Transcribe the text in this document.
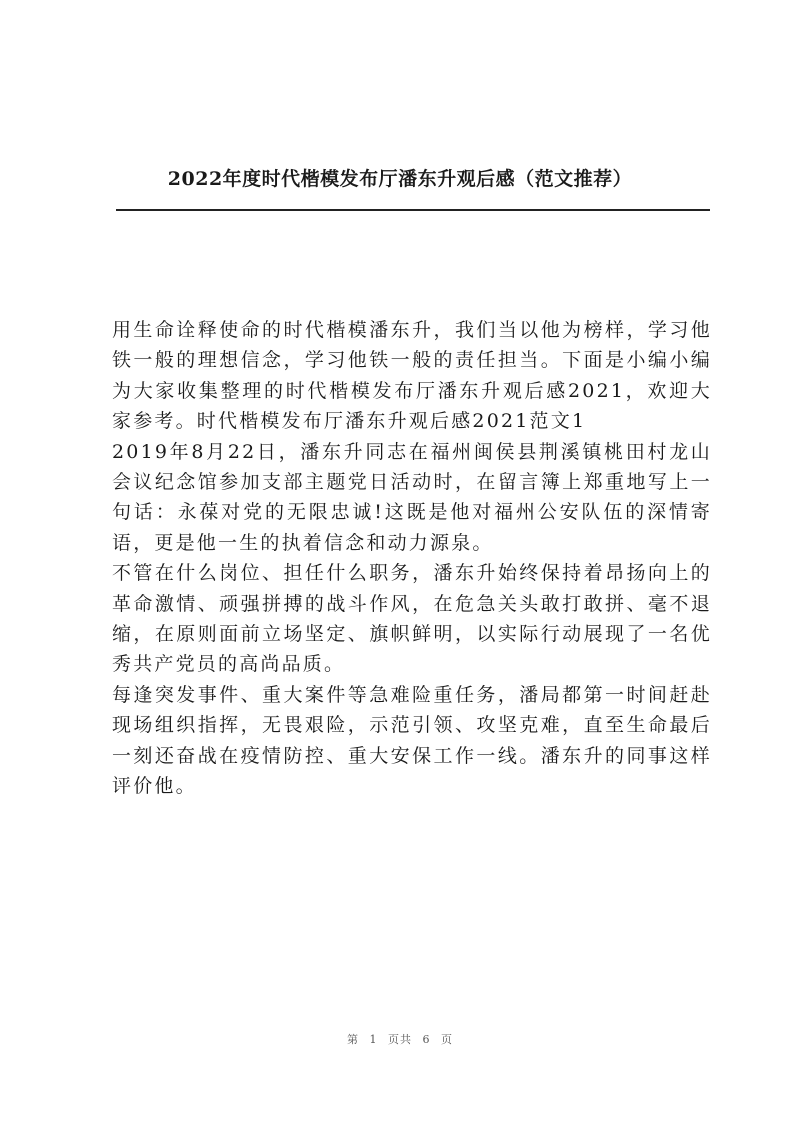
2022年度时代楷模发布厅潘东升观后感（范文推荐）

用生命诠释使命的时代楷模潘东升，我们当以他为榜样，学习他铁一般的理想信念，学习他铁一般的责任担当。下面是小编小编为大家收集整理的时代楷模发布厅潘东升观后感2021，欢迎大家参考。时代楷模发布厅潘东升观后感2021范文1

2019年8月22日，潘东升同志在福州闽侯县荆溪镇桃田村龙山会议纪念馆参加支部主题党日活动时，在留言簿上郑重地写上一句话：永葆对党的无限忠诚!这既是他对福州公安队伍的深情寄语，更是他一生的执着信念和动力源泉。

不管在什么岗位、担任什么职务，潘东升始终保持着昂扬向上的革命激情、顽强拼搏的战斗作风，在危急关头敢打敢拼、毫不退缩，在原则面前立场坚定、旗帜鲜明，以实际行动展现了一名优秀共产党员的高尚品质。

每逢突发事件、重大案件等急难险重任务，潘局都第一时间赶赴现场组织指挥，无畏艰险，示范引领、攻坚克难，直至生命最后一刻还奋战在疫情防控、重大安保工作一线。潘东升的同事这样评价他。

第 1 页共 6 页
